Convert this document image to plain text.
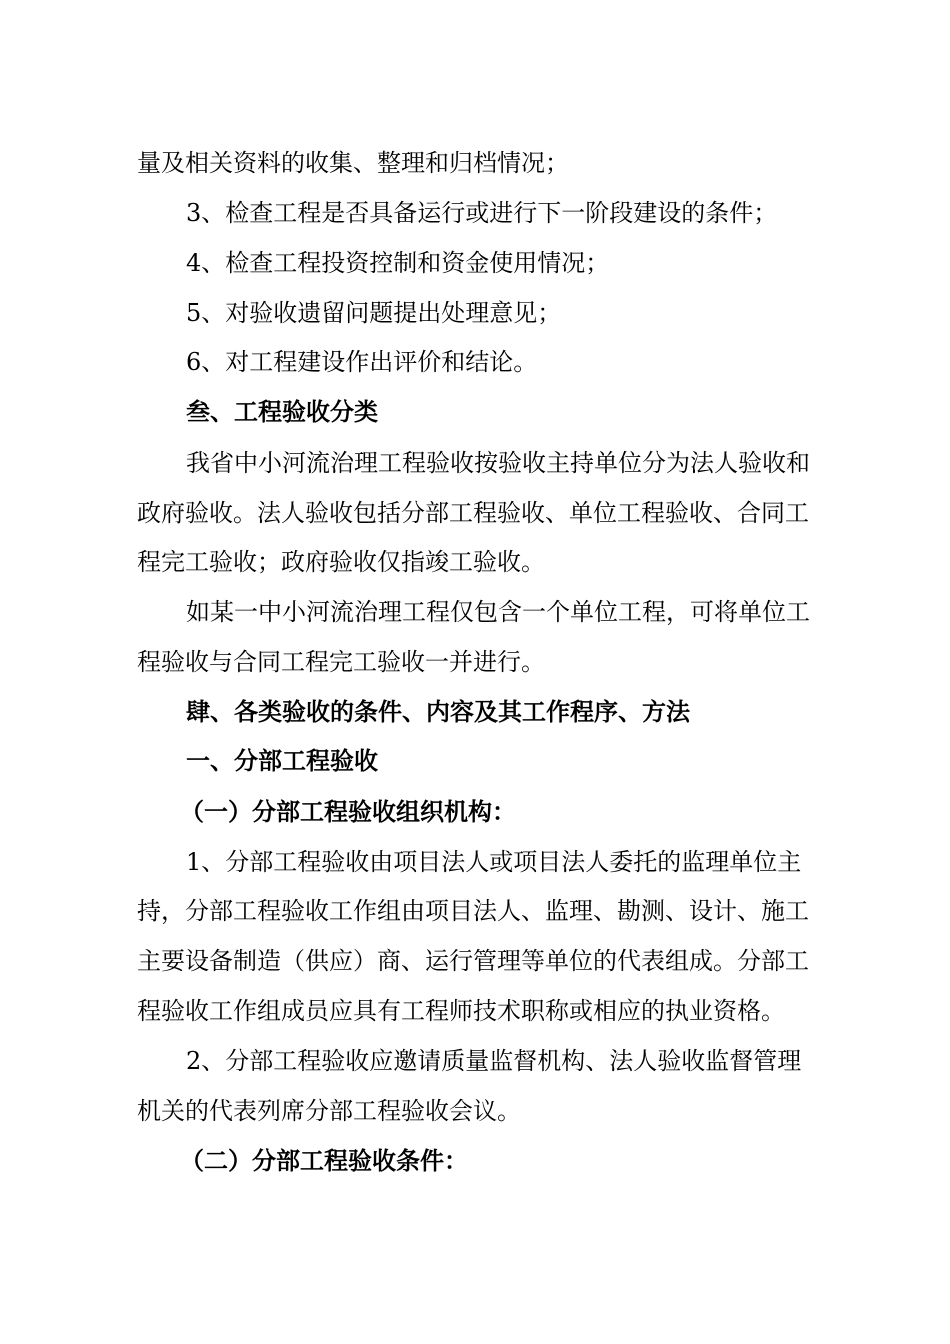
量及相关资料的收集、整理和归档情况；
3、检查工程是否具备运行或进行下一阶段建设的条件；
4、检查工程投资控制和资金使用情况；
5、对验收遗留问题提出处理意见；
6、对工程建设作出评价和结论。
叁、工程验收分类
我省中小河流治理工程验收按验收主持单位分为法人验收和
政府验收。法人验收包括分部工程验收、单位工程验收、合同工
程完工验收；政府验收仅指竣工验收。
如某一中小河流治理工程仅包含一个单位工程，可将单位工
程验收与合同工程完工验收一并进行。
肆、各类验收的条件、内容及其工作程序、方法
一、分部工程验收
（一）分部工程验收组织机构：
1、分部工程验收由项目法人或项目法人委托的监理单位主
持，分部工程验收工作组由项目法人、监理、勘测、设计、施工
主要设备制造（供应）商、运行管理等单位的代表组成。分部工
程验收工作组成员应具有工程师技术职称或相应的执业资格。
2、分部工程验收应邀请质量监督机构、法人验收监督管理
机关的代表列席分部工程验收会议。
（二）分部工程验收条件：
